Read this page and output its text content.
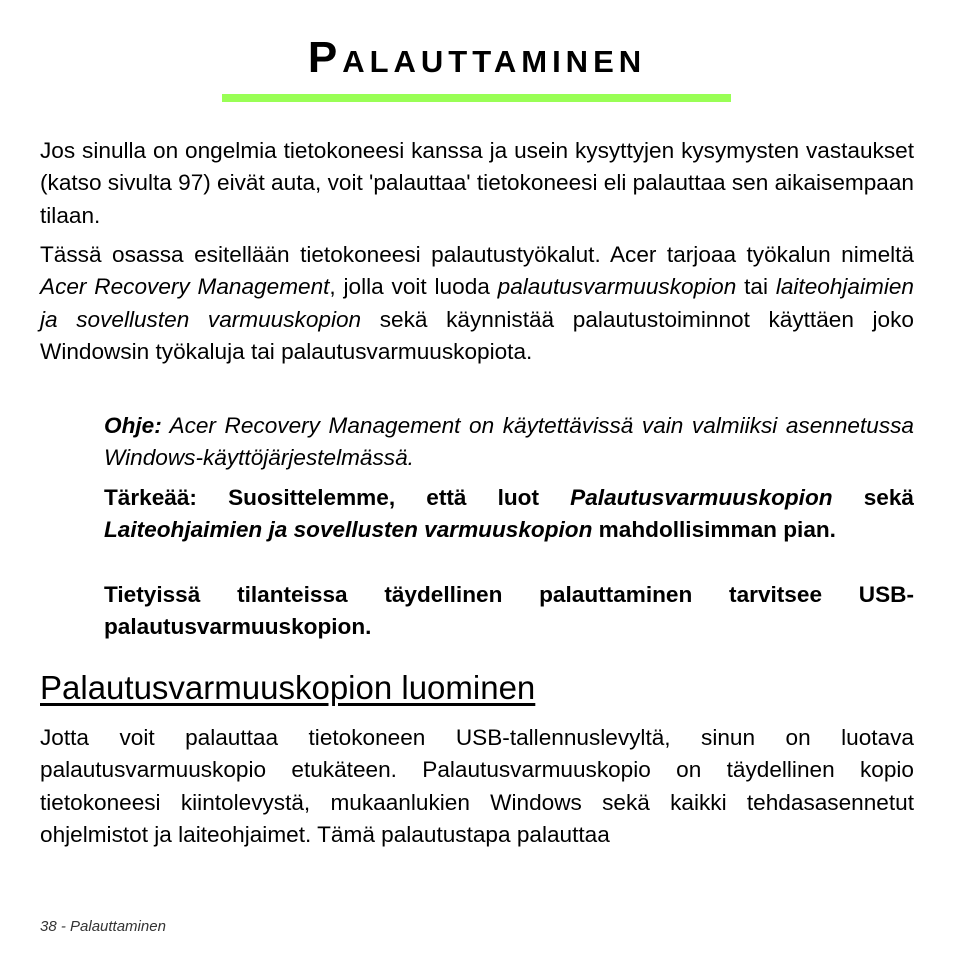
Palauttaminen

Jos sinulla on ongelmia tietokoneesi kanssa ja usein kysyttyjen kysymysten vastaukset (katso sivulta 97) eivät auta, voit 'palauttaa' tietokoneesi eli palauttaa sen aikaisempaan tilaan.

Tässä osassa esitellään tietokoneesi palautustyökalut. Acer tarjoaa työkalun nimeltä Acer Recovery Management, jolla voit luoda palautusvarmuuskopion tai laiteohjaimien ja sovellusten varmuuskopion sekä käynnistää palautustoiminnot käyttäen joko Windowsin työkaluja tai palautusvarmuuskopiota.

Ohje: Acer Recovery Management on käytettävissä vain valmiiksi asennetussa Windows-käyttöjärjestelmässä.

Tärkeää: Suosittelemme, että luot Palautusvarmuuskopion sekä Laiteohjaimien ja sovellusten varmuuskopion mahdollisimman pian.

Tietyissä tilanteissa täydellinen palauttaminen tarvitsee USB-palautusvarmuuskopion.

Palautusvarmuuskopion luominen

Jotta voit palauttaa tietokoneen USB-tallennuslevyltä, sinun on luotava palautusvarmuuskopio etukäteen. Palautusvarmuuskopio on täydellinen kopio tietokoneesi kiintolevystä, mukaanlukien Windows sekä kaikki tehdasasennetut ohjelmistot ja laiteohjaimet. Tämä palautustapa palauttaa

38 - Palauttaminen
